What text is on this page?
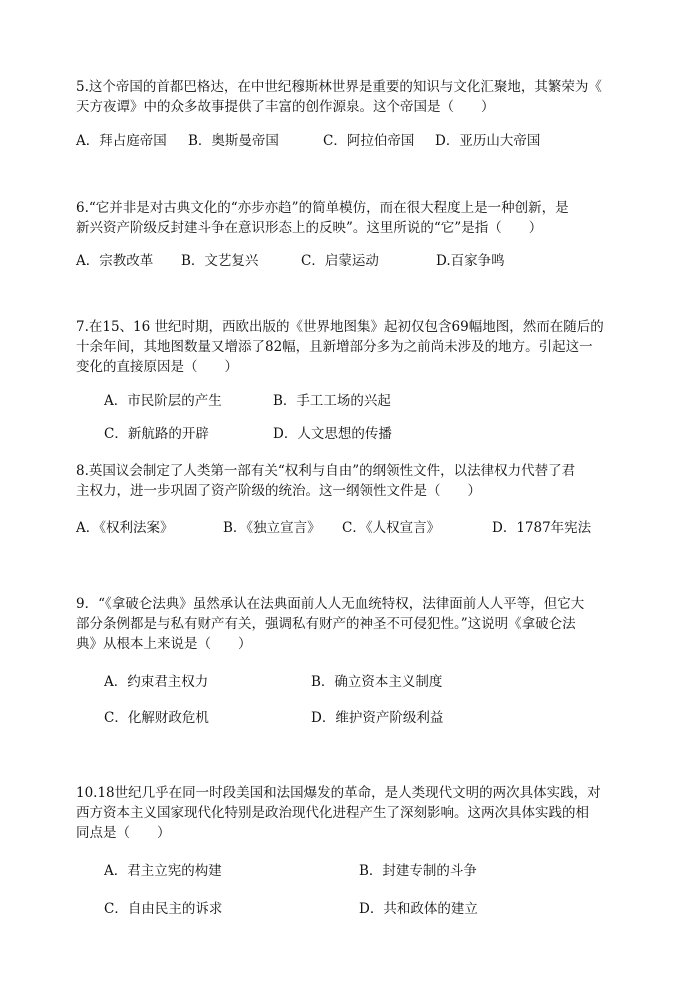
5.这个帝国的首都巴格达，在中世纪穆斯林世界是重要的知识与文化汇聚地，其繁荣为《
天方夜谭》中的众多故事提供了丰富的创作源泉。这个帝国是（　　）
A．拜占庭帝国 B．奥斯曼帝国	C．阿拉伯帝国 D．亚历山大帝国
6.“它并非是对古典文化的“亦步亦趋”的简单模仿，而在很大程度上是一种创新，是
新兴资产阶级反封建斗争在意识形态上的反映”。这里所说的“它”是指（　　）
A．宗教改革 B．文艺复兴	C．启蒙运动	D.百家争鸣
7.在15、16 世纪时期，西欧出版的《世界地图集》起初仅包含69幅地图，然而在随后的
十余年间，其地图数量又增添了82幅，且新增部分多为之前尚未涉及的地方。引起这一
变化的直接原因是（　　）
A．市民阶层的产生	B．手工工场的兴起
C．新航路的开辟	D．人文思想的传播
8.英国议会制定了人类第一部有关“权利与自由”的纲领性文件，以法律权力代替了君
主权力，进一步巩固了资产阶级的统治。这一纲领性文件是（　　）
A．《权利法案》	B．《独立宣言》 C．《人权宣言》	D．1787年宪法
9．“《拿破仑法典》虽然承认在法典面前人人无血统特权，法律面前人人平等，但它大
部分条例都是与私有财产有关，强调私有财产的神圣不可侵犯性。”这说明《拿破仑法
典》从根本上来说是（　　）
A．约束君主权力	B．确立资本主义制度
C．化解财政危机	D．维护资产阶级利益
10.18世纪几乎在同一时段美国和法国爆发的革命，是人类现代文明的两次具体实践，对
西方资本主义国家现代化特别是政治现代化进程产生了深刻影响。这两次具体实践的相
同点是（　　）
A．君主立宪的构建	B．封建专制的斗争
C．自由民主的诉求	D．共和政体的建立
